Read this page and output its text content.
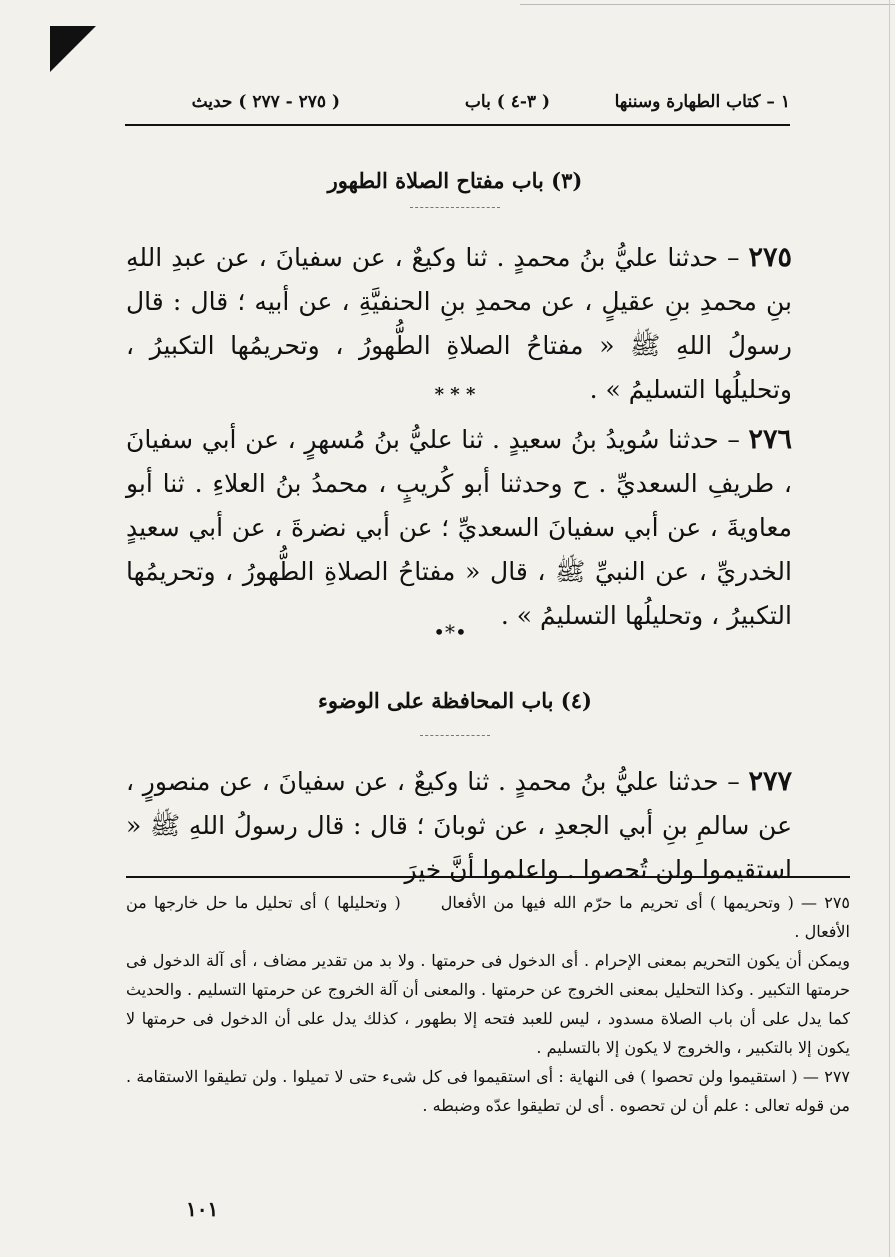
١ – كتاب الطهارة وسننها
( ٣-٤ ) باب
( ٢٧٥ - ٢٧٧ ) حديث
(٣) باب مفتاح الصلاة الطهور
٢٧٥ – حدثنا عليُّ بنُ محمدٍ . ثنا وكيعٌ ، عن سفيانَ ، عن عبدِ اللهِ بنِ محمدِ بنِ عقيلٍ ، عن محمدِ بنِ الحنفيَّةِ ، عن أبيه ؛ قال : قال رسولُ اللهِ ﷺ « مفتاحُ الصلاةِ الطُّهورُ ، وتحريمُها التكبيرُ ، وتحليلُها التسليمُ » .
* * *
٢٧٦ – حدثنا سُويدُ بنُ سعيدٍ . ثنا عليُّ بنُ مُسهرٍ ، عن أبي سفيانَ ، طريفِ السعديِّ . ح وحدثنا أبو كُريبٍ ، محمدُ بنُ العلاءِ . ثنا أبو معاويةَ ، عن أبي سفيانَ السعديِّ ؛ عن أبي نضرةَ ، عن أبي سعيدٍ الخدريِّ ، عن النبيِّ ﷺ ، قال « مفتاحُ الصلاةِ الطُّهورُ ، وتحريمُها التكبيرُ ، وتحليلُها التسليمُ » .
•*•
(٤) باب المحافظة على الوضوء
٢٧٧ – حدثنا عليُّ بنُ محمدٍ . ثنا وكيعٌ ، عن سفيانَ ، عن منصورٍ ، عن سالمِ بنِ أبي الجعدِ ، عن ثوبانَ ؛ قال : قال رسولُ اللهِ ﷺ « استقيموا ولن تُحصوا . واعلموا أنَّ خيرَ

٢٧٥ — ( وتحريمها ) أى تحريم ما حرّم الله فيها من الأفعال( وتحليلها ) أى تحليل ما حل خارجها من الأفعال .

ويمكن أن يكون التحريم بمعنى الإحرام . أى الدخول فى حرمتها . ولا بد من تقدير مضاف ، أى آلة الدخول فى حرمتها التكبير . وكذا التحليل بمعنى الخروج عن حرمتها . والمعنى أن آلة الخروج عن حرمتها التسليم . والحديث كما يدل على أن باب الصلاة مسدود ، ليس للعبد فتحه إلا بطهور ، كذلك يدل على أن الدخول فى حرمتها لا يكون إلا بالتكبير ، والخروج لا يكون إلا بالتسليم .

٢٧٧ — ( استقيموا ولن تحصوا ) فى النهاية : أى استقيموا فى كل شىء حتى لا تميلوا . ولن تطيقوا الاستقامة . من قوله تعالى : علم أن لن تحصوه . أى لن تطيقوا عدّه وضبطه .

١٠١
